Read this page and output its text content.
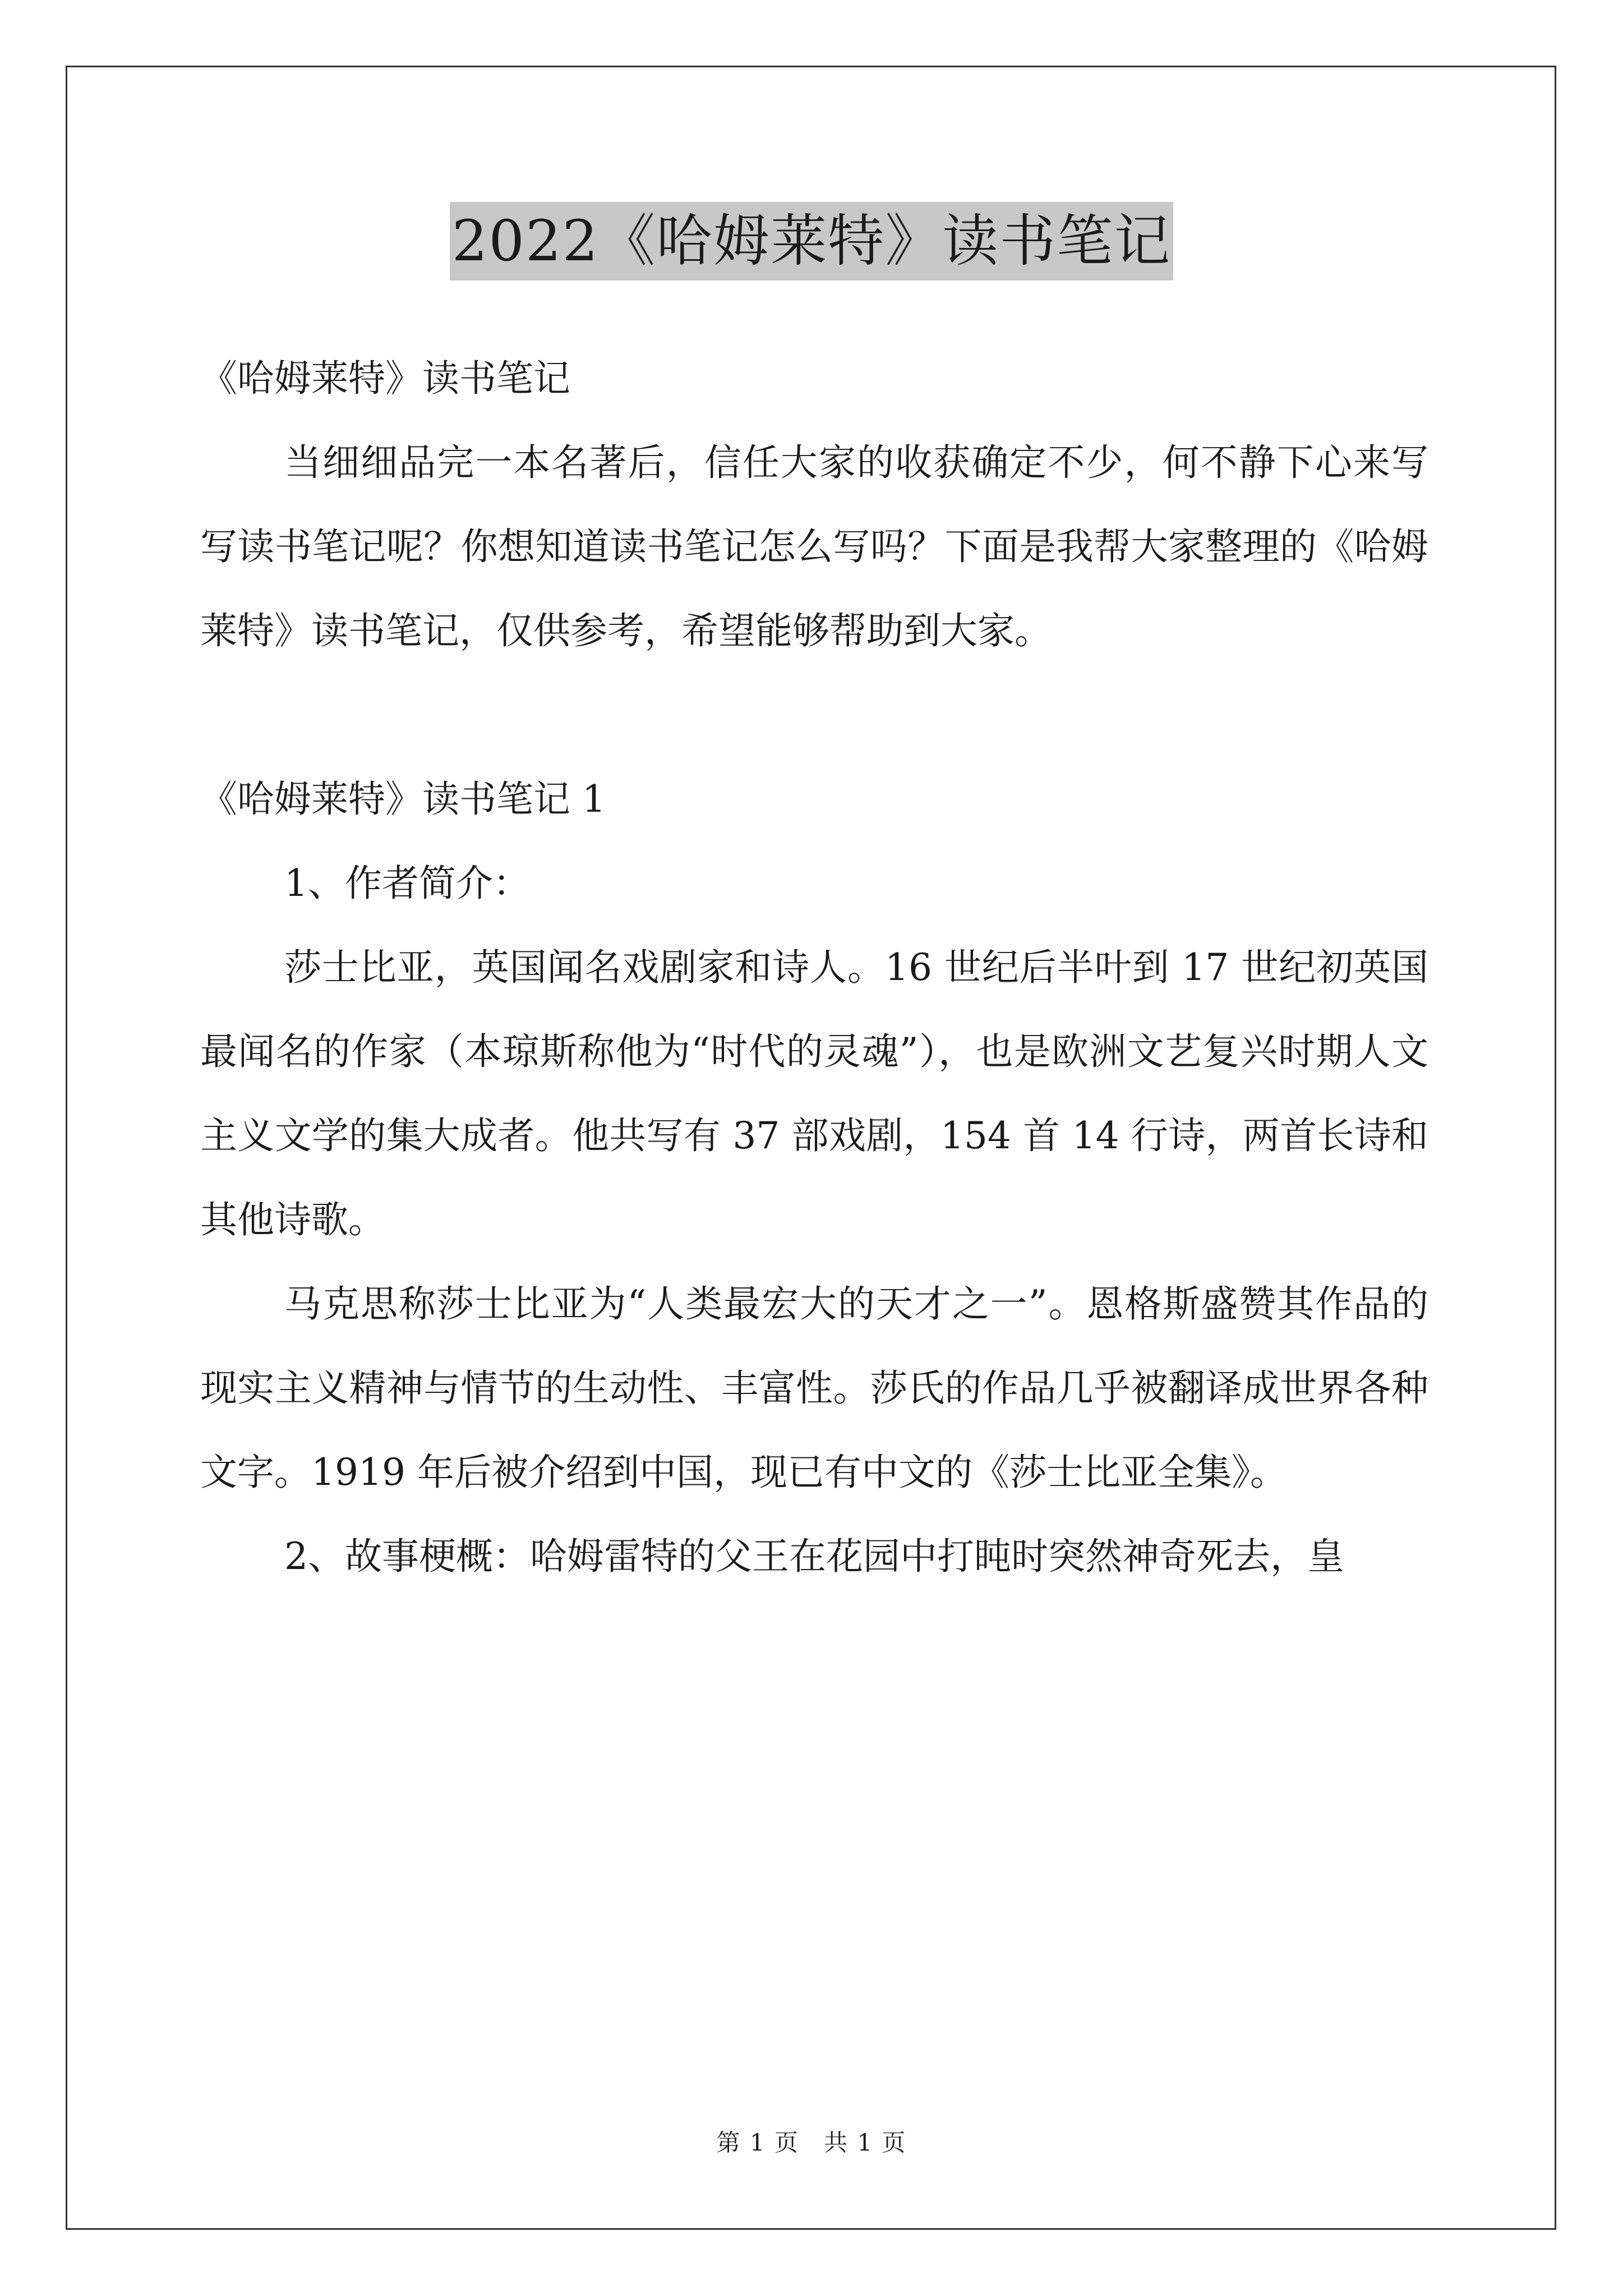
2022《哈姆莱特》读书笔记

《哈姆莱特》读书笔记

当细细品完一本名著后，信任大家的收获确定不少，何不静下心来写写读书笔记呢？你想知道读书笔记怎么写吗？下面是我帮大家整理的《哈姆莱特》读书笔记，仅供参考，希望能够帮助到大家。

《哈姆莱特》读书笔记 1

1、作者简介：

莎士比亚，英国闻名戏剧家和诗人。16 世纪后半叶到 17 世纪初英国最闻名的作家（本琼斯称他为“时代的灵魂”），也是欧洲文艺复兴时期人文主义文学的集大成者。他共写有 37 部戏剧，154 首 14 行诗，两首长诗和其他诗歌。

马克思称莎士比亚为“人类最宏大的天才之一”。恩格斯盛赞其作品的现实主义精神与情节的生动性、丰富性。莎氏的作品几乎被翻译成世界各种文字。1919 年后被介绍到中国，现已有中文的《莎士比亚全集》。

2、故事梗概：哈姆雷特的父王在花园中打盹时突然神奇死去，皇

第 1 页　共 1 页
